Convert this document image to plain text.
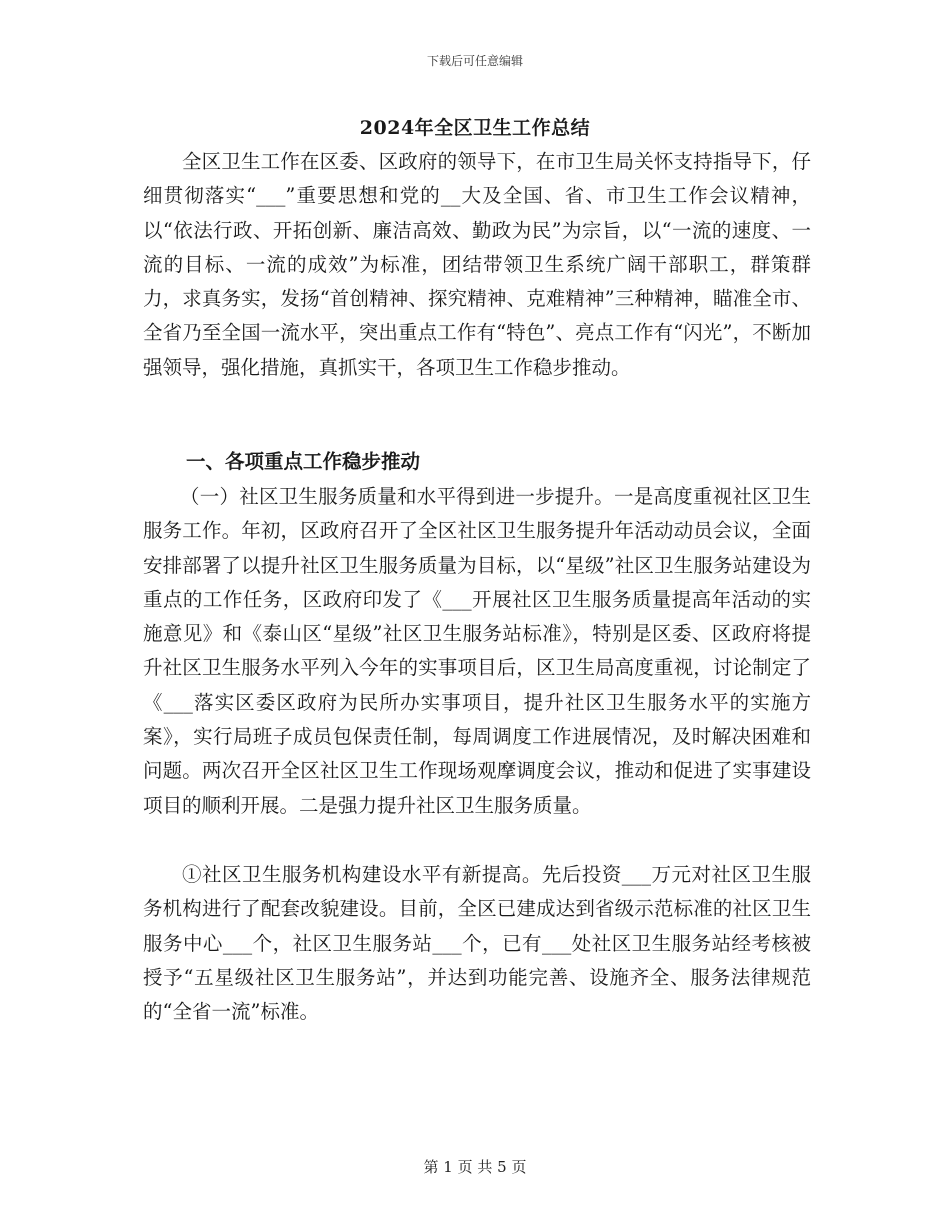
下载后可任意编辑
2024年全区卫生工作总结

全区卫生工作在区委、区政府的领导下，在市卫生局关怀支持指导下，仔细贯彻落实“___”重要思想和党的__大及全国、省、市卫生工作会议精神，以“依法行政、开拓创新、廉洁高效、勤政为民”为宗旨，以“一流的速度、一流的目标、一流的成效”为标准，团结带领卫生系统广阔干部职工，群策群力，求真务实，发扬“首创精神、探究精神、克难精神”三种精神，瞄准全市、全省乃至全国一流水平，突出重点工作有“特色”、亮点工作有“闪光”，不断加强领导，强化措施，真抓实干，各项卫生工作稳步推动。

一、各项重点工作稳步推动

（一）社区卫生服务质量和水平得到进一步提升。一是高度重视社区卫生服务工作。年初，区政府召开了全区社区卫生服务提升年活动动员会议，全面安排部署了以提升社区卫生服务质量为目标，以“星级”社区卫生服务站建设为重点的工作任务，区政府印发了《___开展社区卫生服务质量提高年活动的实施意见》和《泰山区“星级”社区卫生服务站标准》，特别是区委、区政府将提升社区卫生服务水平列入今年的实事项目后，区卫生局高度重视，讨论制定了《___落实区委区政府为民所办实事项目，提升社区卫生服务水平的实施方案》，实行局班子成员包保责任制，每周调度工作进展情况，及时解决困难和问题。两次召开全区社区卫生工作现场观摩调度会议，推动和促进了实事建设项目的顺利开展。二是强力提升社区卫生服务质量。

①社区卫生服务机构建设水平有新提高。先后投资___万元对社区卫生服务机构进行了配套改貌建设。目前，全区已建成达到省级示范标准的社区卫生服务中心___个，社区卫生服务站___个，已有___处社区卫生服务站经考核被授予“五星级社区卫生服务站”，并达到功能完善、设施齐全、服务法律规范的“全省一流”标准。

第 1 页 共 5 页
